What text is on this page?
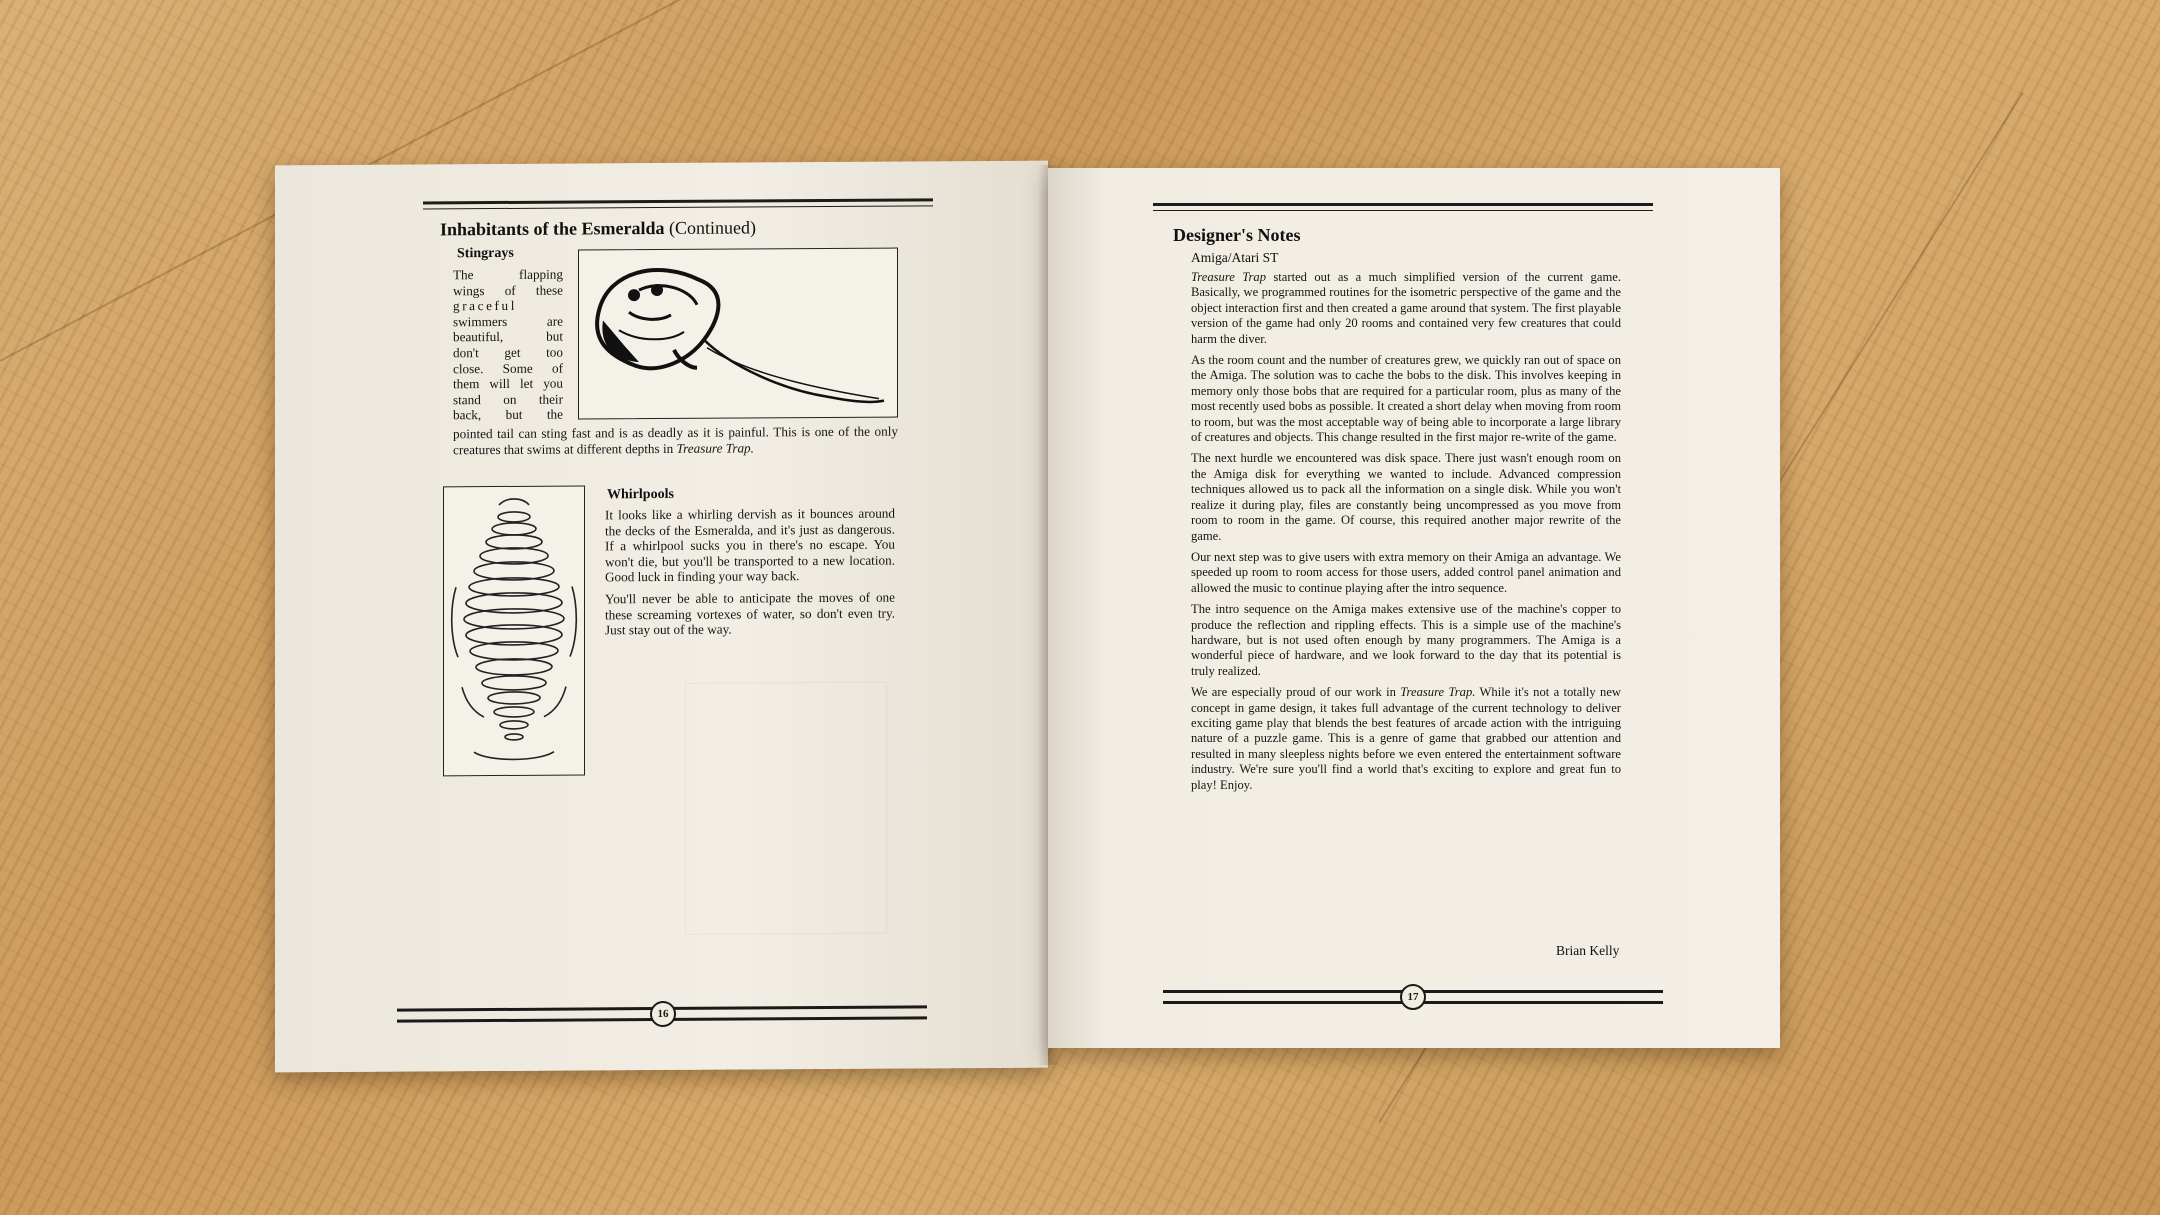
Inhabitants of the Esmeralda (Continued)
Stingrays
The flapping
wings of these
graceful
swimmers are
beautiful, but
don't get too
close. Some of
them will let you
stand on their
back, but the
pointed tail can sting fast and is as deadly as it is painful. This is one of the only creatures that swims at different depths in Treasure Trap.
Whirlpools

It looks like a whirling dervish as it bounces around the decks of the Esmeralda, and it's just as dangerous. If a whirlpool sucks you in there's no escape. You won't die, but you'll be transported to a new location. Good luck in finding your way back.

You'll never be able to anticipate the moves of one these screaming vortexes of water, so don't even try. Just stay out of the way.

16
Designer's Notes
Amiga/Atari ST

Treasure Trap started out as a much simplified version of the current game. Basically, we programmed routines for the isometric perspective of the game and the object interaction first and then created a game around that system. The first playable version of the game had only 20 rooms and contained very few creatures that could harm the diver.

As the room count and the number of creatures grew, we quickly ran out of space on the Amiga. The solution was to cache the bobs to the disk. This involves keeping in memory only those bobs that are required for a particular room, plus as many of the most recently used bobs as possible. It created a short delay when moving from room to room, but was the most acceptable way of being able to incorporate a large library of creatures and objects. This change resulted in the first major re-write of the game.

The next hurdle we encountered was disk space. There just wasn't enough room on the Amiga disk for everything we wanted to include. Advanced compression techniques allowed us to pack all the information on a single disk. While you won't realize it during play, files are constantly being uncompressed as you move from room to room in the game. Of course, this required another major rewrite of the game.

Our next step was to give users with extra memory on their Amiga an advantage. We speeded up room to room access for those users, added control panel animation and allowed the music to continue playing after the intro sequence.

The intro sequence on the Amiga makes extensive use of the machine's copper to produce the reflection and rippling effects. This is a simple use of the machine's hardware, but is not used often enough by many programmers. The Amiga is a wonderful piece of hardware, and we look forward to the day that its potential is truly realized.

We are especially proud of our work in Treasure Trap. While it's not a totally new concept in game design, it takes full advantage of the current technology to deliver exciting game play that blends the best features of arcade action with the intriguing nature of a puzzle game. This is a genre of game that grabbed our attention and resulted in many sleepless nights before we even entered the entertainment software industry. We're sure you'll find a world that's exciting to explore and great fun to play! Enjoy.

Brian Kelly
17
